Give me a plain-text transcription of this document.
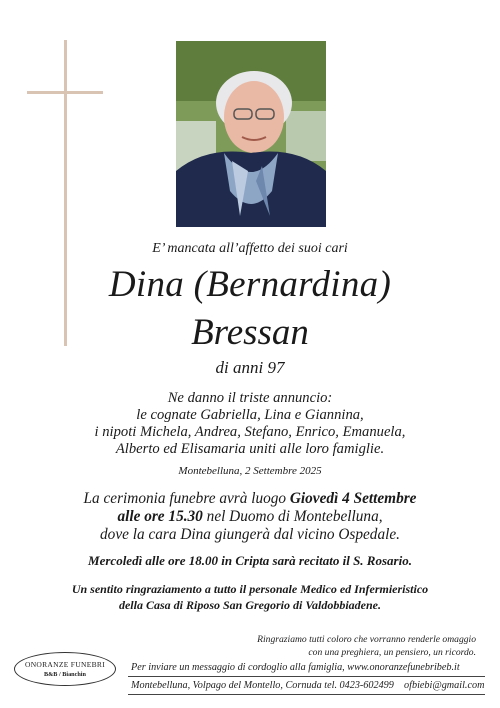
E’ mancata all’affetto dei suoi cari
Dina (Bernardina)
Bressan
di anni 97
Ne danno il triste annuncio:
le cognate Gabriella, Lina e Giannina,
i nipoti Michela, Andrea, Stefano, Enrico, Emanuela,
Alberto ed Elisamaria uniti alle loro famiglie.
Montebelluna, 2 Settembre 2025
La cerimonia funebre avrà luogo Giovedì 4 Settembre
alle ore 15.30 nel Duomo di Montebelluna,
dove la cara Dina giungerà dal vicino Ospedale.
Mercoledì alle ore 18.00 in Cripta sarà recitato il S. Rosario.
Un sentito ringraziamento a tutto il personale Medico ed Infermieristico
della Casa di Riposo San Gregorio di Valdobbiadene.
Ringraziamo tutti coloro che vorranno renderle omaggio
con una preghiera, un pensiero, un ricordo.
ONORANZE FUNEBRI
B&B / Bianchin
Per inviare un messaggio di cordoglio alla famiglia, www.onoranzefunebribeb.it
Montebelluna, Volpago del Montello, Cornuda tel. 0423-602499    ofbiebi@gmail.com
